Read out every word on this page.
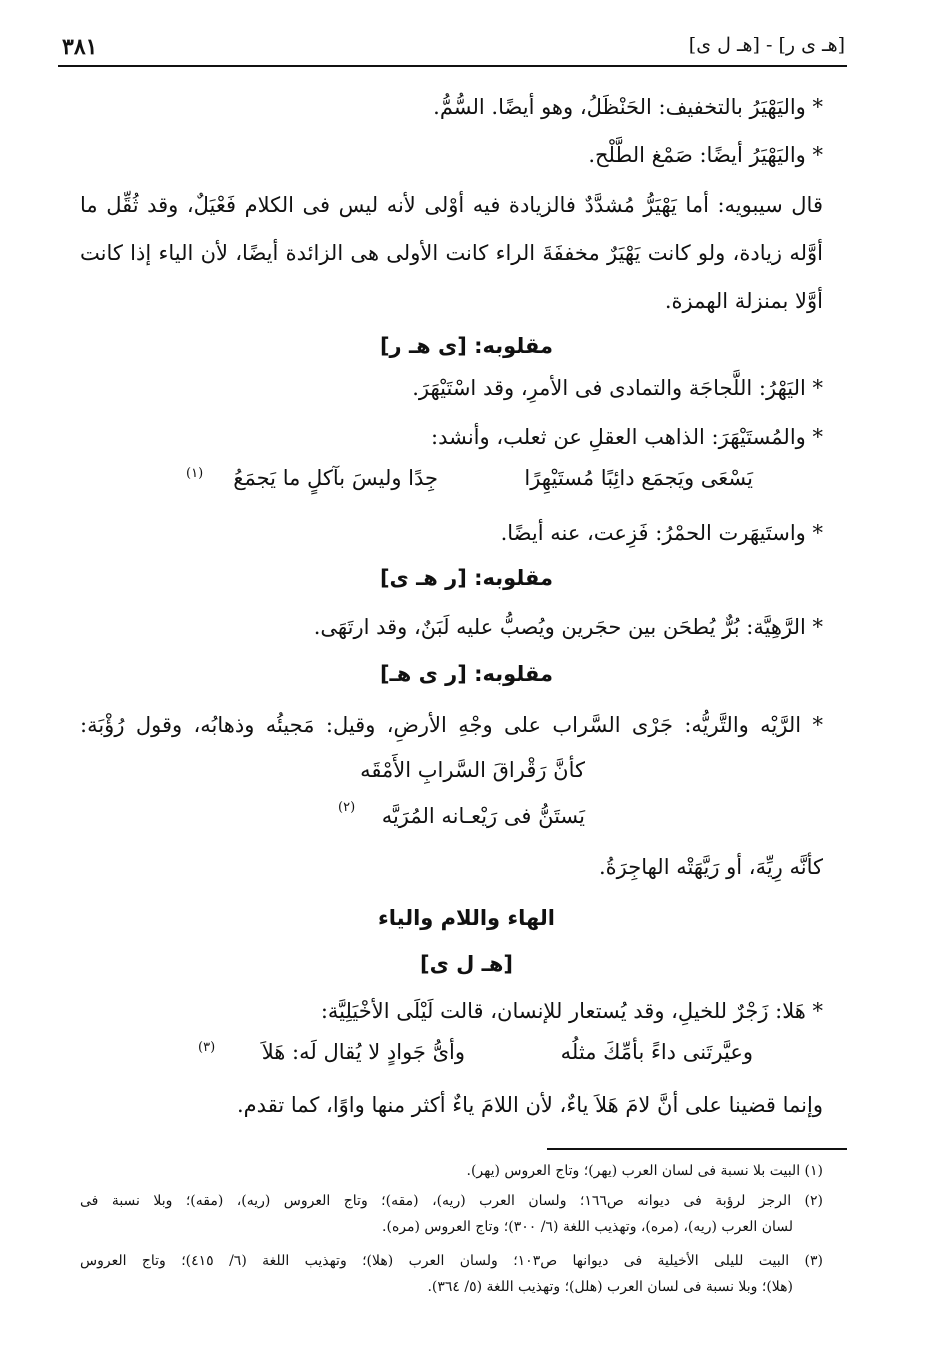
[هـ ى ر] - [هـ ل ى]
٣٨١
* واليَهْيَرُ بالتخفيف: الحَنْظَلُ، وهو أيضًا. السُّمُّ.
* واليَهْيَرُ أيضًا: صَمْغ الطَّلْح.
قال سيبويه: أما يَهْيَرُّ مُشدَّدٌ فالزيادة فيه أوْلى لأنه ليس فى الكلام فَعْيَلٌ، وقد ثُقِّل ما
أوَّله زيادة، ولو كانت يَهْيَرٌ مخففَةَ الراء كانت الأولى هى الزائدة أيضًا، لأن الياء إذا كانت
أوَّلا بمنزلة الهمزة.
مقلوبه: [ى هـ ر]
* اليَهْرُ: اللَّجاجَة والتمادى فى الأمرِ، وقد اسْتَيْهَرَ.
* والمُستَيْهَرَ: الذاهب العقلِ عن ثعلب، وأنشد:
يَسْعَى ويَجمَع دائِبًا مُستَيْهِرًا
جِدًا وليسَ بآكلٍ ما يَجمَعُ
(١)
* واستَيهَرت الحمْرُ: فَزِعت، عنه أيضًا.
مقلوبه: [ر هـ ى]
* الرَّهِيَّة: بُرٌّ يُطحَن بين حجَرين ويُصبُّ عليه لَبَنٌ، وقد ارتَهَى.
مقلوبه: [ر ى هـ]
* الرَّيْه والتَّريُّه: جَرْى السَّراب على وجْهِ الأرضِ، وقيل: مَجيئُه وذهابُه، وقول رُؤْبَة:
كأنَّ رَقْراقَ السَّرابِ الأَمْقَه
يَستَنُّ فى رَيْعـانه المُرَيَّه
(٢)
كأنَّه رِيِّهَ، أو رَيَّهَتْه الهاجِرَةُ.
الهاء واللام والياء
[هـ ل ى]
* هَلا: زَجْرٌ للخيلِ، وقد يُستعار للإنسان، قالت لَيْلَى الأخْيَلِيَّة:
وعيَّرتَنى داءً بأمِّكَ مثلُه
وأىُّ جَوادٍ لا يُقال لَه: هَلاَ
(٣)
وإنما قضينا على أنَّ لامَ هَلاَ ياءٌ، لأن اللامَ ياءٌ أكثر منها واوًا، كما تقدم.
(١) البيت بلا نسبة فى لسان العرب (يهر)؛ وتاج العروس (يهر).
(٢) الرجز لرؤبة فى ديوانه ص١٦٦؛ ولسان العرب (ريه)، (مقه)؛ وتاج العروس (ريه)، (مقه)؛ وبلا نسبة فى
لسان العرب (ريه)، (مره)، وتهذيب اللغة (٦/ ٣٠٠)؛ وتاج العروس (مره).
(٣) البيت لليلى الأخيلية فى ديوانها ص١٠٣؛ ولسان العرب (هلا)؛ وتهذيب اللغة (٦/ ٤١٥)؛ وتاج العروس
(هلا)؛ وبلا نسبة فى لسان العرب (هلل)؛ وتهذيب اللغة (٥/ ٣٦٤).
